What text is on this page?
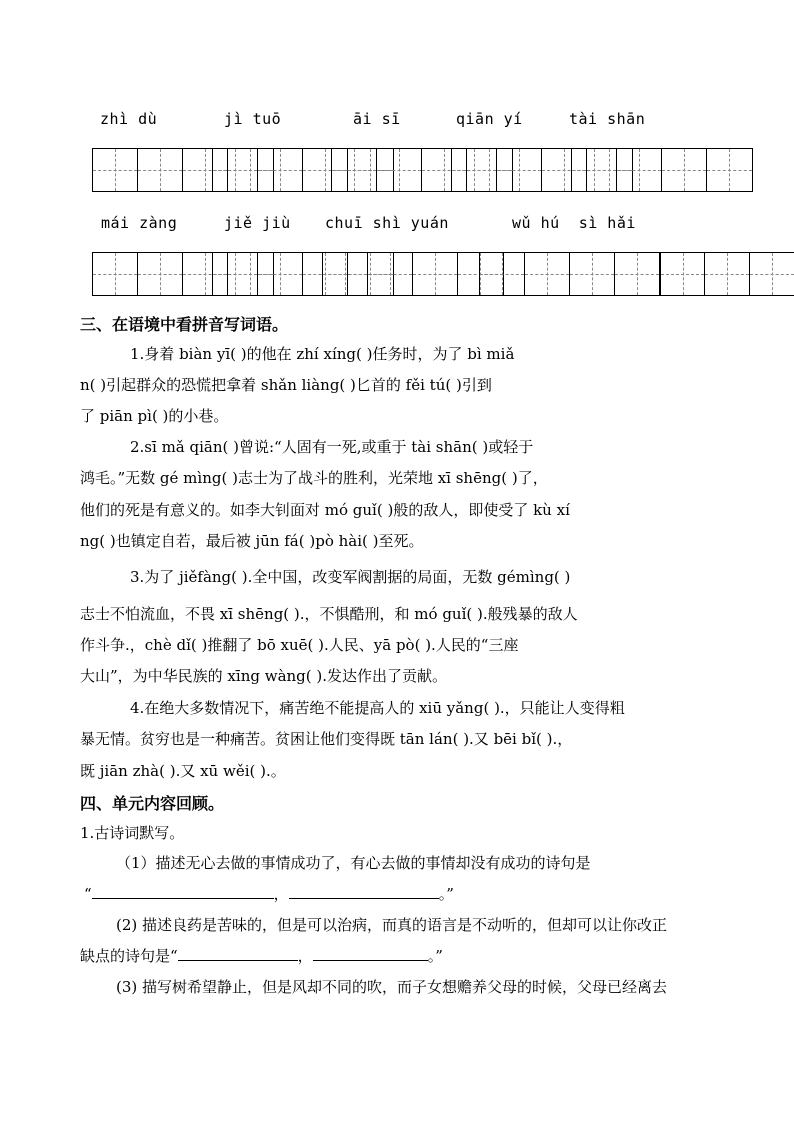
zhì dù	jì tuō	āi sī	qiān yí	tài shān
mái zàng	jiě jiù chuī shì yuán	wǔ hú  sì hǎi
三、在语境中看拼音写词语。
1.身着 biàn yī( )的他在 zhí xíng( )任务时，为了 bì miǎ
n( )引起群众的恐慌把拿着 shǎn liàng( )匕首的 fěi tú( )引到
了 piān pì( )的小巷。
2.sī mǎ qiān( )曾说:“人固有一死,或重于 tài shān( )或轻于
鸿毛。”无数 gé mìng( )志士为了战斗的胜利，光荣地 xī shēng( )了，
他们的死是有意义的。如李大钊面对 mó guǐ( )般的敌人，即使受了 kù xí
ng( )也镇定自若，最后被 jūn fá( )pò hài( )至死。
3.为了 jiěfàng( ).全中国，改变军阀割据的局面，无数 gémìng( )
志士不怕流血，不畏 xī shēng( ).，不惧酷刑，和 mó guǐ( ).般残暴的敌人
作斗争.，chè dǐ( )推翻了 bō xuē( ).人民、yā pò( ).人民的“三座
大山”，为中华民族的 xīng wàng( ).发达作出了贡献。
4.在绝大多数情况下，痛苦绝不能提高人的 xiū yǎng( ).，只能让人变得粗
暴无情。贫穷也是一种痛苦。贫困让他们变得既 tān lán( ).又 bēi bǐ( ).，
既 jiān zhà( ).又 xū wěi( ).。
四、单元内容回顾。
1.古诗词默写。
（1）描述无心去做的事情成功了，有心去做的事情却没有成功的诗句是
“	，	。”
(2) 描述良药是苦味的，但是可以治病，而真的语言是不动听的，但却可以让你改正
缺点的诗句是“	，	。”
(3) 描写树希望静止，但是风却不同的吹，而子女想赡养父母的时候，父母已经离去
